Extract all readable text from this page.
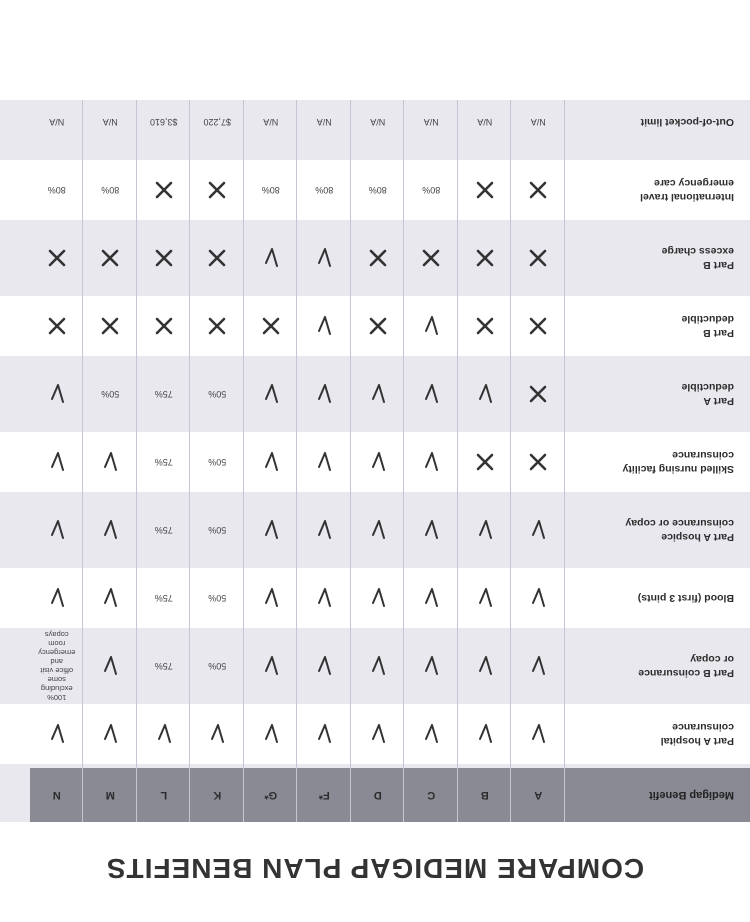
COMPARE MEDIGAP PLAN BENEFITS
Medigap Benefit
A
B
C
D
F*
G*
K
L
M
N
Part A hospital
coinsurance
Part B coinsurance
or copay
50%
75%
100% excluding some office visit and emergency room copays
Blood (first 3 pints)
50%
75%
Part A hospice
coinsurance or copay
50%
75%
Skilled nursing facility
coinsurance
50%
75%
Part A
deductible
50%
75%
50%
Part B
deductible
Part B
excess charge
International travel
emergency care
80%
80%
80%
80%
80%
80%
Out-of-pocket limit
N/A
N/A
N/A
N/A
N/A
N/A
$7,220
$3,610
N/A
N/A
